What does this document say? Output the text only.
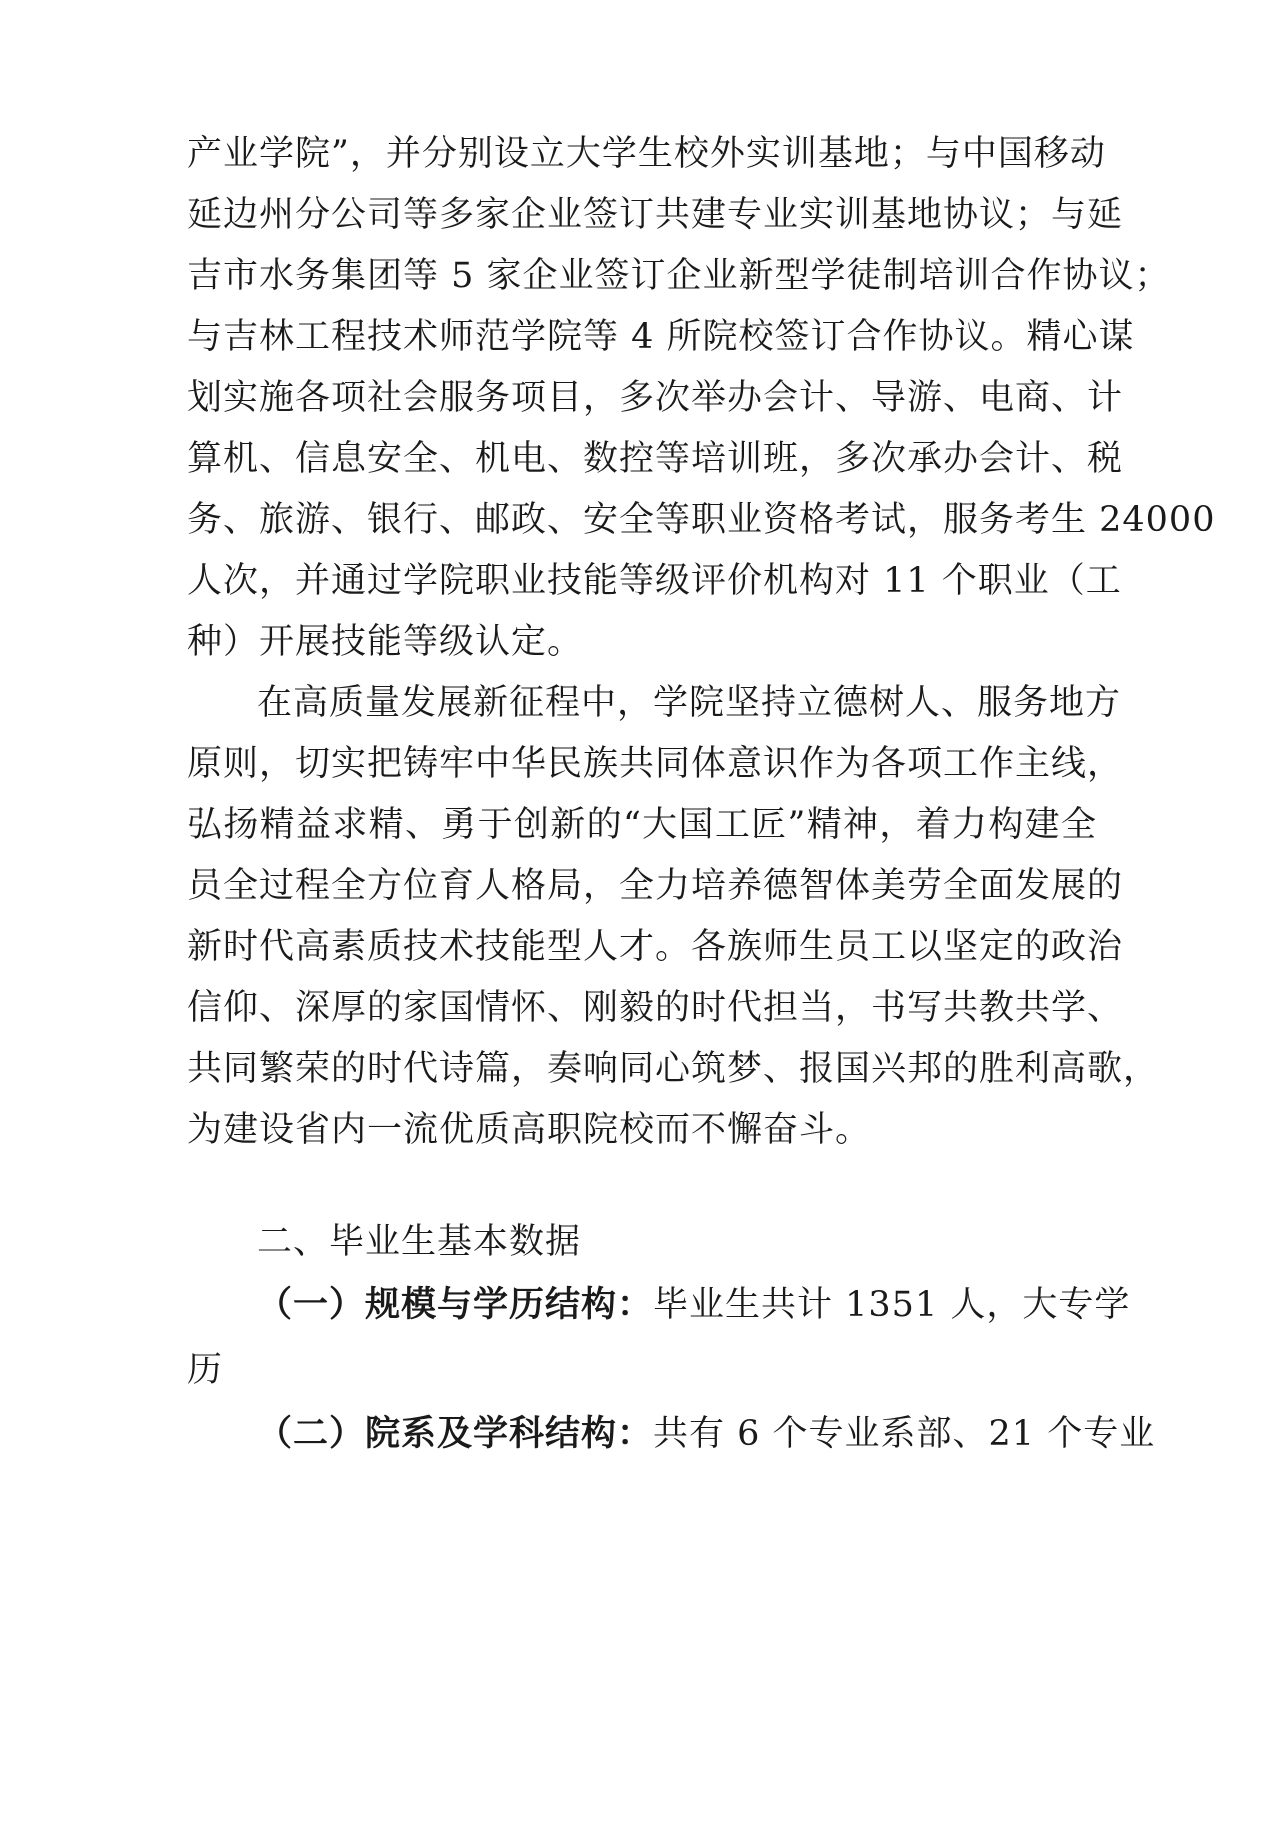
产业学院”，并分别设立大学生校外实训基地；与中国移动
延边州分公司等多家企业签订共建专业实训基地协议；与延
吉市水务集团等 5 家企业签订企业新型学徒制培训合作协议；
与吉林工程技术师范学院等 4 所院校签订合作协议。精心谋
划实施各项社会服务项目，多次举办会计、导游、电商、计
算机、信息安全、机电、数控等培训班，多次承办会计、税
务、旅游、银行、邮政、安全等职业资格考试，服务考生 24000
人次，并通过学院职业技能等级评价机构对 11 个职业（工
种）开展技能等级认定。
在高质量发展新征程中，学院坚持立德树人、服务地方
原则，切实把铸牢中华民族共同体意识作为各项工作主线，
弘扬精益求精、勇于创新的“大国工匠”精神，着力构建全
员全过程全方位育人格局，全力培养德智体美劳全面发展的
新时代高素质技术技能型人才。各族师生员工以坚定的政治
信仰、深厚的家国情怀、刚毅的时代担当，书写共教共学、
共同繁荣的时代诗篇，奏响同心筑梦、报国兴邦的胜利高歌，
为建设省内一流优质高职院校而不懈奋斗。
二、毕业生基本数据
（一）规模与学历结构：毕业生共计 1351 人，大专学
历
（二）院系及学科结构：共有 6 个专业系部、21 个专业
